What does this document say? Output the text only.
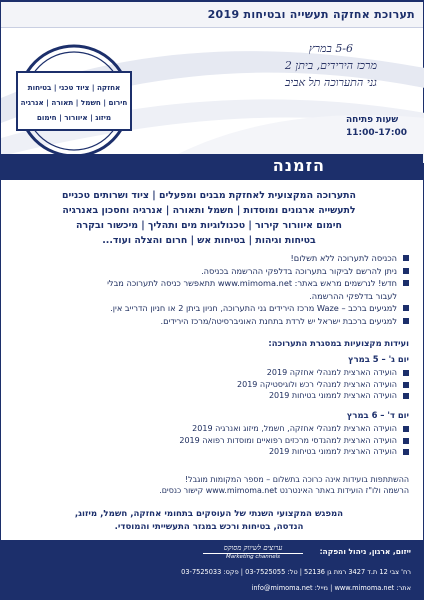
תערוכת אחזקה תעשייה ובטיחות 2019
אחזקה | ציוד טכני | בטיחות
חירום | חשמל | תאורה | אנרגיה
מיזוג | איוורור | חימום
5-6 במרץ
מרכז הירידים, ביתן 2
גני התערוכה תל אביב
שעות פתיחה
11:00-17:00
הזמנה
התערוכה המקצועית לאחזקת מבנים ומפעלים | ציוד ושרותים טכניים
לתעשייה ארגונים ומוסדות | חשמל ותאורה | אנרגיה וחסכון באנרגיה
חימום איוורור קירור | טכנולוגיות מים ותהליך | מיכשור ובקרה
בטיחות וגיהות | בטיחות אש | חרום והצלה ועוד...
הכניסה לתערוכה ללא תשלום!
ניתן להרשם לביקור בתערוכה בדלפקי ההרשמה בכניסה.
חדש! לנרשמים מראש באתר: www.mimoma.net תתאפשר כניסה לתערוכה מבלי
לעבור בדלפקי ההרשמה.
למגיעים ברכב – Waze מרכז הירידים גני התערוכה, חניון ביתן 2 או חניון הדרייב אין.
למגיעים ברכבת ישראל יש לרדת בתחנת האוניברסיטה/מרכז הירידים.
ועידות מקצועיות במסגרת התערוכה:
יום ג' – 5 במרץ
הועידה הארצית למנהלי אחזקה 2019
הועידה הארצית למנהלי רכש ולוגיסטיקה 2019
הועידה הארצית לממוני בטיחות 2019
יום ד' – 6 במרץ
הועידה הארצית למנהלי אחזקה, חשמל, מיזוג ואנרגיה 2019
הועידה הארצית למהנדסי מרכזים רפואיים ומוסדות רפואה 2019
הועידה הארצית לממוני בטיחות 2019
ההשתתפות בועידות אינה כרוכה בתשלום – מספר המקומות מוגבל!
הרשמה ולו"ז הועידות באתר האינטרנט www.mimoma.net קישור כנסים.
המפגש המקצועי השנתי של העוסקים בתחומי אחזקה, חשמל, מיזוג,
הנדסה, בטיחות ורכש במגזר התעשייתי והמוסדי.
ייזום, ארגון, ניהול והפקה:
ערוצים לשיווק מסוקס
Marketing channels
רח' צבי 12 ת.ד 3427 רמת גן 52136 | טל: 03-7525055 | פקס: 03-7525033
אתר: www.mimoma.net | מייל: info@mimoma.net
